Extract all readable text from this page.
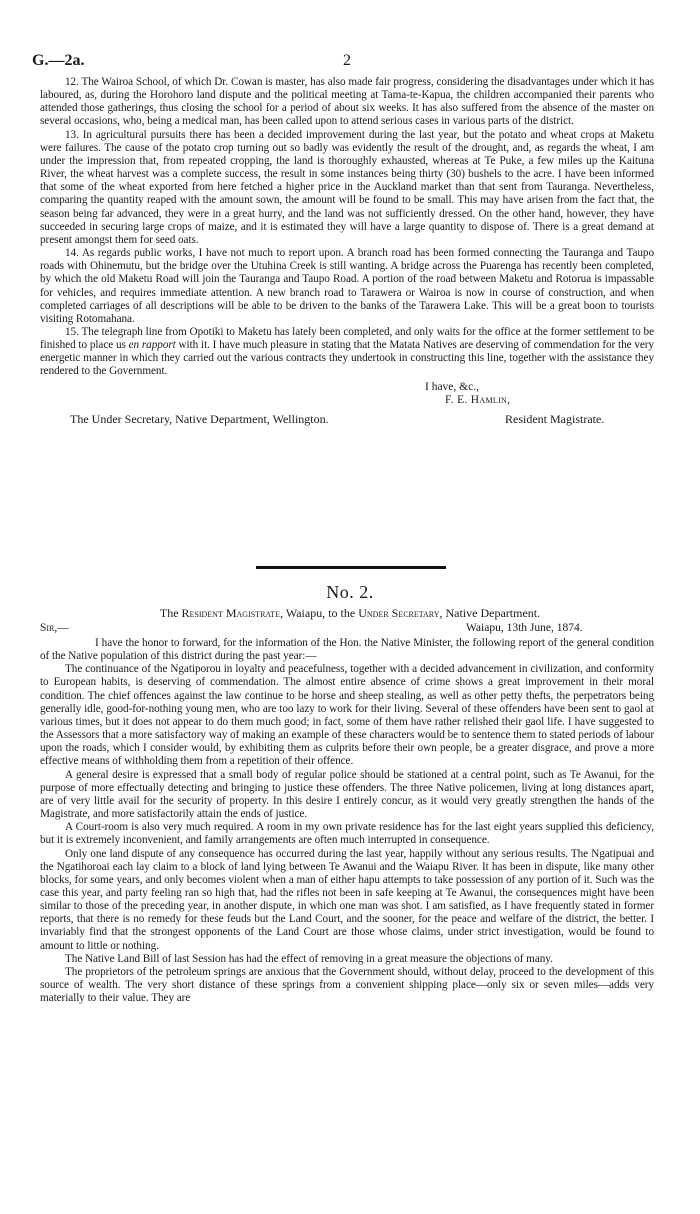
G.—2a.	2

12. The Wairoa School, of which Dr. Cowan is master, has also made fair progress, considering the disadvantages under which it has laboured, as, during the Horohoro land dispute and the political meeting at Tama-te-Kapua, the children accompanied their parents who attended those gatherings, thus closing the school for a period of about six weeks. It has also suffered from the absence of the master on several occasions, who, being a medical man, has been called upon to attend serious cases in various parts of the district.

13. In agricultural pursuits there has been a decided improvement during the last year, but the potato and wheat crops at Maketu were failures. The cause of the potato crop turning out so badly was evidently the result of the drought, and, as regards the wheat, I am under the impression that, from repeated cropping, the land is thoroughly exhausted, whereas at Te Puke, a few miles up the Kaituna River, the wheat harvest was a complete success, the result in some instances being thirty (30) bushels to the acre. I have been informed that some of the wheat exported from here fetched a higher price in the Auckland market than that sent from Tauranga. Nevertheless, comparing the quantity reaped with the amount sown, the amount will be found to be small. This may have arisen from the fact that, the season being far advanced, they were in a great hurry, and the land was not sufficiently dressed. On the other hand, however, they have succeeded in securing large crops of maize, and it is estimated they will have a large quantity to dispose of. There is a great demand at present amongst them for seed oats.

14. As regards public works, I have not much to report upon. A branch road has been formed connecting the Tauranga and Taupo roads with Ohinemutu, but the bridge over the Utuhina Creek is still wanting. A bridge across the Puarenga has recently been completed, by which the old Maketu Road will join the Tauranga and Taupo Road. A portion of the road between Maketu and Rotorua is impassable for vehicles, and requires immediate attention. A new branch road to Tarawera or Wairoa is now in course of construction, and when completed carriages of all descriptions will be able to be driven to the banks of the Tarawera Lake. This will be a great boon to tourists visiting Rotomahana.

15. The telegraph line from Opotiki to Maketu has lately been completed, and only waits for the office at the former settlement to be finished to place us en rapport with it. I have much pleasure in stating that the Matata Natives are deserving of commendation for the very energetic manner in which they carried out the various contracts they undertook in constructing this line, together with the assistance they rendered to the Government.

I have, &c.,
F. E. Hamlin,
The Under Secretary, Native Department, Wellington.	Resident Magistrate.
No. 2.
The Resident Magistrate, Waiapu, to the Under Secretary, Native Department.
Sir,—	Waiapu, 13th June, 1874.

I have the honor to forward, for the information of the Hon. the Native Minister, the following report of the general condition of the Native population of this district during the past year:—

The continuance of the Ngatiporou in loyalty and peacefulness, together with a decided advancement in civilization, and conformity to European habits, is deserving of commendation. The almost entire absence of crime shows a great improvement in their moral condition. The chief offences against the law continue to be horse and sheep stealing, as well as other petty thefts, the perpetrators being generally idle, good-for-nothing young men, who are too lazy to work for their living. Several of these offenders have been sent to gaol at various times, but it does not appear to do them much good; in fact, some of them have rather relished their gaol life. I have suggested to the Assessors that a more satisfactory way of making an example of these characters would be to sentence them to stated periods of labour upon the roads, which I consider would, by exhibiting them as culprits before their own people, be a greater disgrace, and prove a more effective means of withholding them from a repetition of their offence.

A general desire is expressed that a small body of regular police should be stationed at a central point, such as Te Awanui, for the purpose of more effectually detecting and bringing to justice these offenders. The three Native policemen, living at long distances apart, are of very little avail for the security of property. In this desire I entirely concur, as it would very greatly strengthen the hands of the Magistrate, and more satisfactorily attain the ends of justice.

A Court-room is also very much required. A room in my own private residence has for the last eight years supplied this deficiency, but it is extremely inconvenient, and family arrangements are often much interrupted in consequence.

Only one land dispute of any consequence has occurred during the last year, happily without any serious results. The Ngatipuai and the Ngatihoroai each lay claim to a block of land lying between Te Awanui and the Waiapu River. It has been in dispute, like many other blocks, for some years, and only becomes violent when a man of either hapu attempts to take possession of any portion of it. Such was the case this year, and party feeling ran so high that, had the rifles not been in safe keeping at Te Awanui, the consequences might have been similar to those of the preceding year, in another dispute, in which one man was shot. I am satisfied, as I have frequently stated in former reports, that there is no remedy for these feuds but the Land Court, and the sooner, for the peace and welfare of the district, the better. I invariably find that the strongest opponents of the Land Court are those whose claims, under strict investigation, would be found to amount to little or nothing.

The Native Land Bill of last Session has had the effect of removing in a great measure the objections of many.

The proprietors of the petroleum springs are anxious that the Government should, without delay, proceed to the development of this source of wealth. The very short distance of these springs from a convenient shipping place—only six or seven miles—adds very materially to their value. They are
